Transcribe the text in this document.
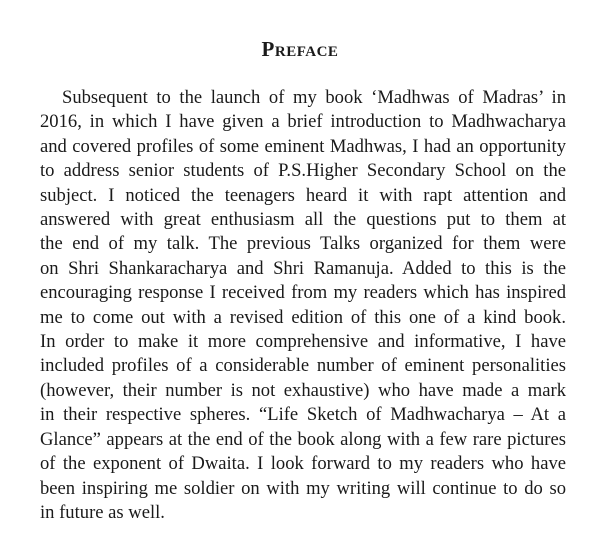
Preface

Subsequent to the launch of my book ‘Madhwas of Madras’ in
2016, in which I have given a brief introduction to Madhwacharya
and covered profiles of some eminent Madhwas, I had an opportunity
to address senior students of P.S.Higher Secondary School on the
subject. I noticed the teenagers heard it with rapt attention and
answered with great enthusiasm all the questions put to them at
the end of my talk. The previous Talks organized for them were
on Shri Shankaracharya and Shri Ramanuja. Added to this is the
encouraging response I received from my readers which has inspired
me to come out with a revised edition of this one of a kind book.
In order to make it more comprehensive and informative, I have
included profiles of a considerable number of eminent personalities
(however, their number is not exhaustive) who have made a mark
in their respective spheres. “Life Sketch of Madhwacharya – At a
Glance” appears at the end of the book along with a few rare pictures
of the exponent of Dwaita. I look forward to my readers who have
been inspiring me soldier on with my writing will continue to do so
in future as well.
